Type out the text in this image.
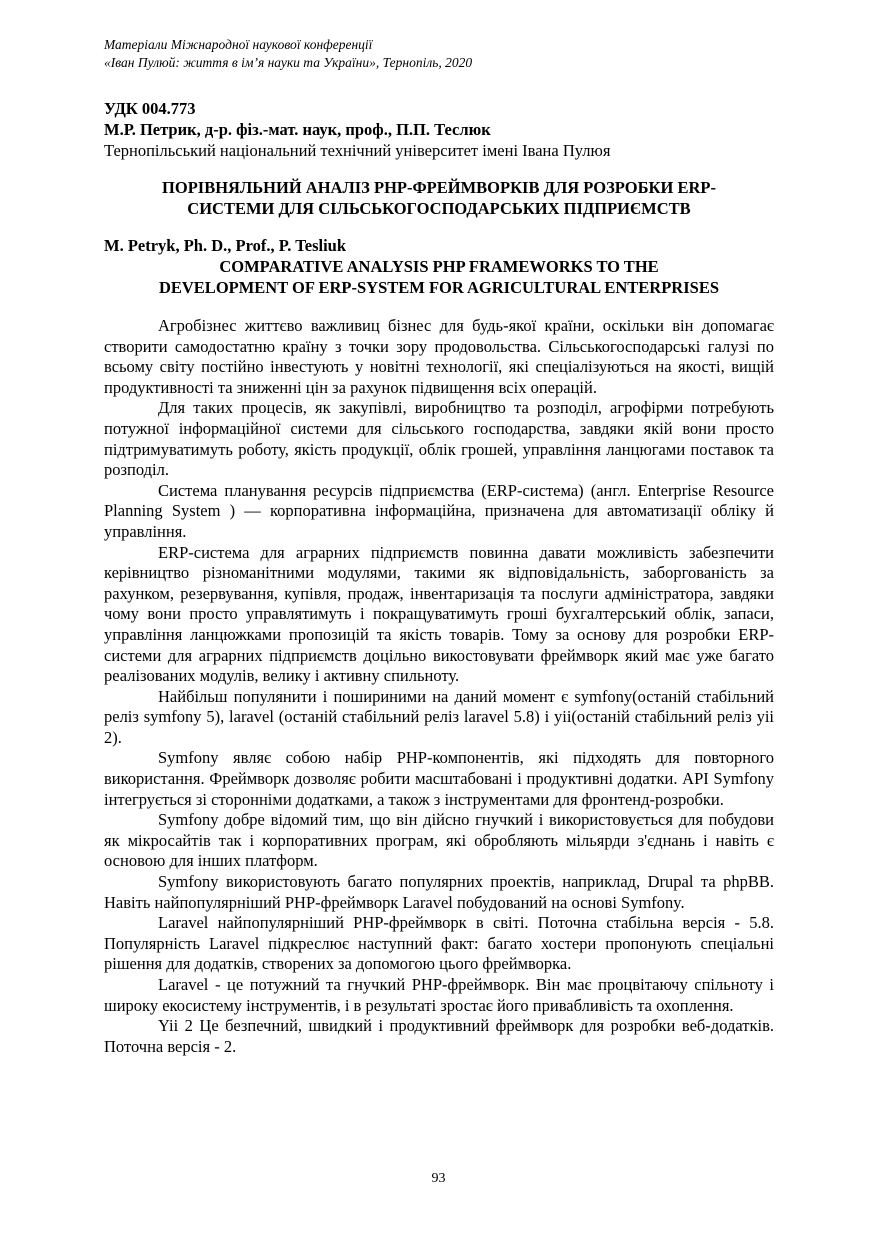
Матеріали Міжнародної наукової конференції
«Іван Пулюй: життя в ім’я науки та України», Тернопіль, 2020
УДК 004.773
М.Р. Петрик, д-р. фіз.-мат. наук, проф., П.П. Теслюк
Тернопільський національний технічний університет імені Івана Пулюя
ПОРІВНЯЛЬНИЙ АНАЛІЗ PHP-ФРЕЙМВОРКІВ ДЛЯ РОЗРОБКИ ERP-
СИСТЕМИ ДЛЯ СІЛЬСЬКОГОСПОДАРСЬКИХ ПІДПРИЄМСТВ
M. Petryk, Ph. D., Prof., P. Tesliuk
COMPARATIVE ANALYSIS PHP FRAMEWORKS TO THE
DEVELOPMENT OF ERP-SYSTEM FOR AGRICULTURAL ENTERPRISES

Агробізнес життєво важливиц бізнес для будь-якої країни, оскільки він допомагає створити самодостатню країну з точки зору продовольства. Сільськогосподарські галузі по всьому світу постійно інвестують у новітні технології, які спеціалізуються на якості, вищій продуктивності та зниженні цін за рахунок підвищення всіх операцій.

Для таких процесів, як закупівлі, виробництво та розподіл, агрофірми потребують потужної інформаційної системи для сільського господарства, завдяки якій вони просто підтримуватимуть роботу, якість продукції, облік грошей, управління ланцюгами поставок та розподіл.

Система планування ресурсів підприємства (ERP-система) (англ. Enterprise Resource Planning System ) — корпоративна інформаційна, призначена для автоматизації обліку й управління.

ERP-система для аграрних підприємств повинна давати можливість забезпечити керівництво різноманітними модулями, такими як відповідальність, заборгованість за рахунком, резервування, купівля, продаж, інвентаризація та послуги адміністратора, завдяки чому вони просто управлятимуть і покращуватимуть гроші бухгалтерський облік, запаси, управління ланцюжками пропозицій та якість товарів. Тому за основу для розробки ERP-системи для аграрних підприємств доцільно викостовувати фреймворк який має уже багато реалізованих модулів, велику і активну спильноту.

Найбільш популянити і пошириними на даний момент є symfony(останій стабільний реліз symfony 5), laravel (останій стабільний реліз laravel 5.8) і yii(останій стабільний реліз yii 2).

Symfony являє собою набір PHP-компонентів, які підходять для повторного використання. Фреймворк дозволяє робити масштабовані і продуктивні додатки. API Symfony інтегрується зі сторонніми додатками, а також з інструментами для фронтенд-розробки.

Symfony добре відомий тим, що він дійсно гнучкий і використовується для побудови як мікросайтів так і корпоративних програм, які обробляють мільярди з'єднань і навіть є основою для інших платформ.

Symfony використовують багато популярних проектів, наприклад, Drupal та phpBB. Навіть найпопулярніший PHP-фреймворк Laravel побудований на основі Symfony.

Laravel найпопулярніший PHP-фреймворк в світі. Поточна стабільна версія - 5.8. Популярність Laravel підкреслює наступний факт: багато хостери пропонують спеціальні рішення для додатків, створених за допомогою цього фреймворка.

Laravel - це потужний та гнучкий PHP-фреймворк. Він має процвітаючу спільноту і широку екосистему інструментів, і в результаті зростає його привабливість та охоплення.

Yii 2 Це безпечний, швидкий і продуктивний фреймворк для розробки веб-додатків. Поточна версія - 2.

93
